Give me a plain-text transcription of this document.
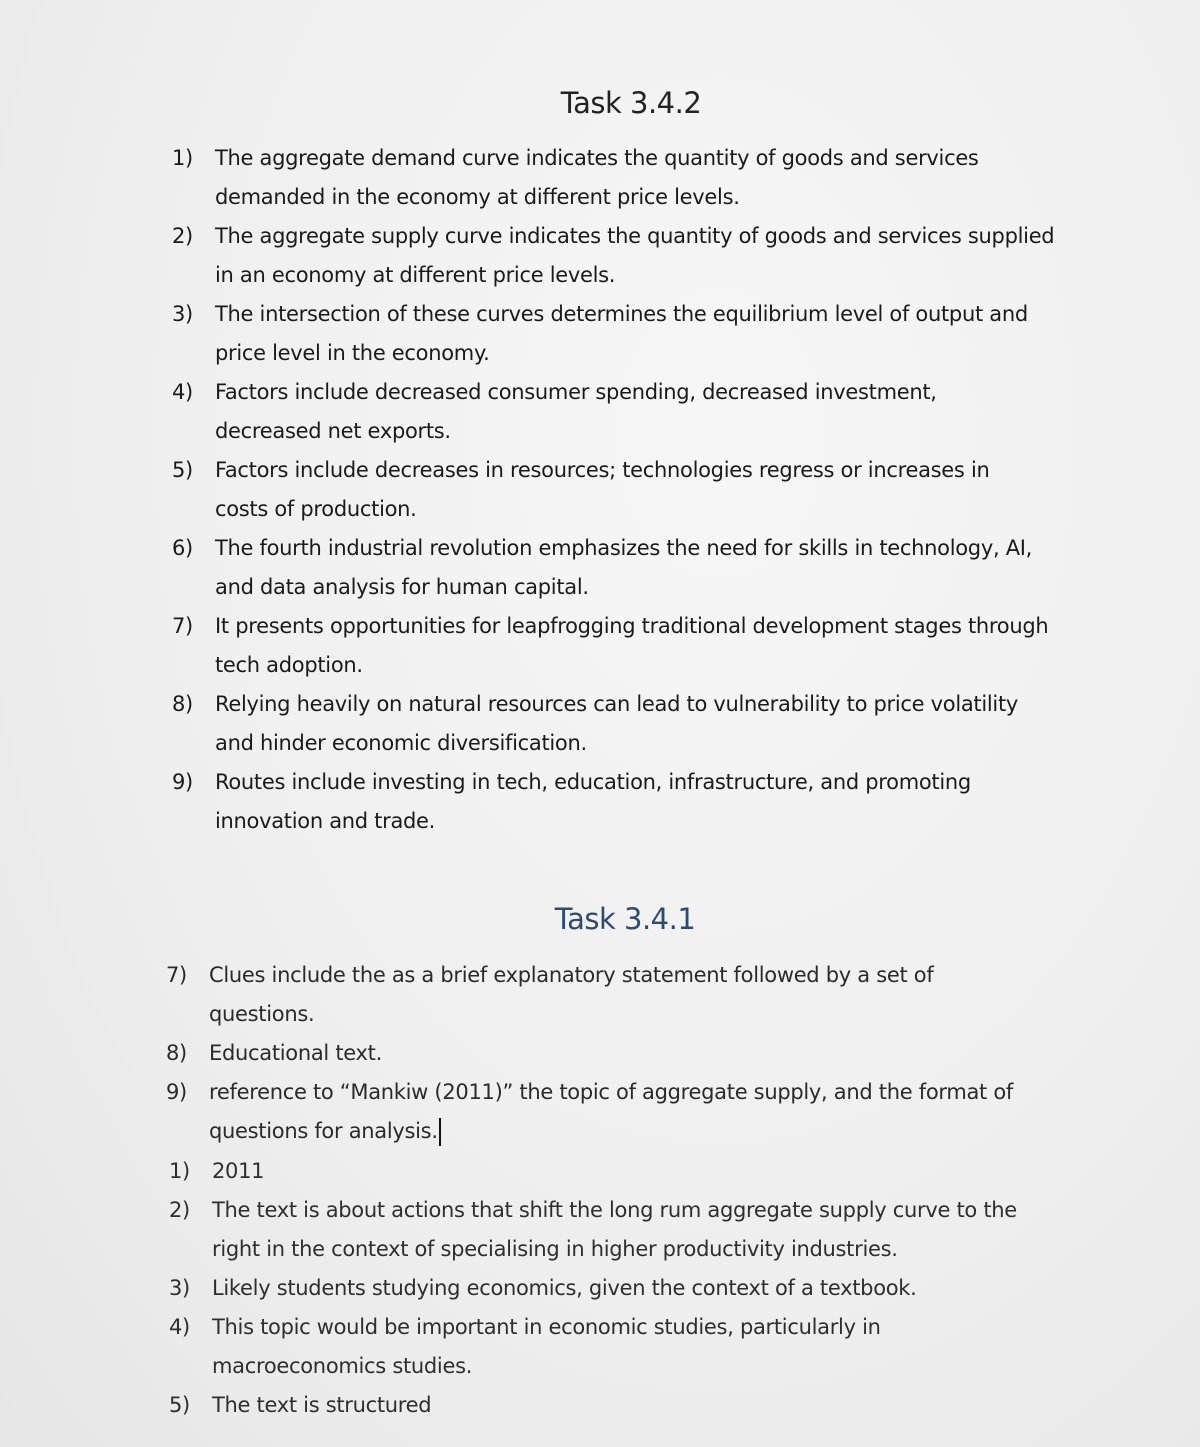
Task 3.4.2
1) The aggregate demand curve indicates the quantity of goods and services
demanded in the economy at different price levels.
2) The aggregate supply curve indicates the quantity of goods and services supplied
in an economy at different price levels.
3) The intersection of these curves determines the equilibrium level of output and
price level in the economy.
4) Factors include decreased consumer spending, decreased investment,
decreased net exports.
5) Factors include decreases in resources; technologies regress or increases in
costs of production.
6) The fourth industrial revolution emphasizes the need for skills in technology, AI,
and data analysis for human capital.
7) It presents opportunities for leapfrogging traditional development stages through
tech adoption.
8) Relying heavily on natural resources can lead to vulnerability to price volatility
and hinder economic diversification.
9) Routes include investing in tech, education, infrastructure, and promoting
innovation and trade.
Task 3.4.1
7) Clues include the as a brief explanatory statement followed by a set of
questions.
8) Educational text.
9) reference to “Mankiw (2011)” the topic of aggregate supply, and the format of
questions for analysis.
1) 2011
2) The text is about actions that shift the long rum aggregate supply curve to the
right in the context of specialising in higher productivity industries.
3) Likely students studying economics, given the context of a textbook.
4) This topic would be important in economic studies, particularly in
macroeconomics studies.
5) The text is structured
